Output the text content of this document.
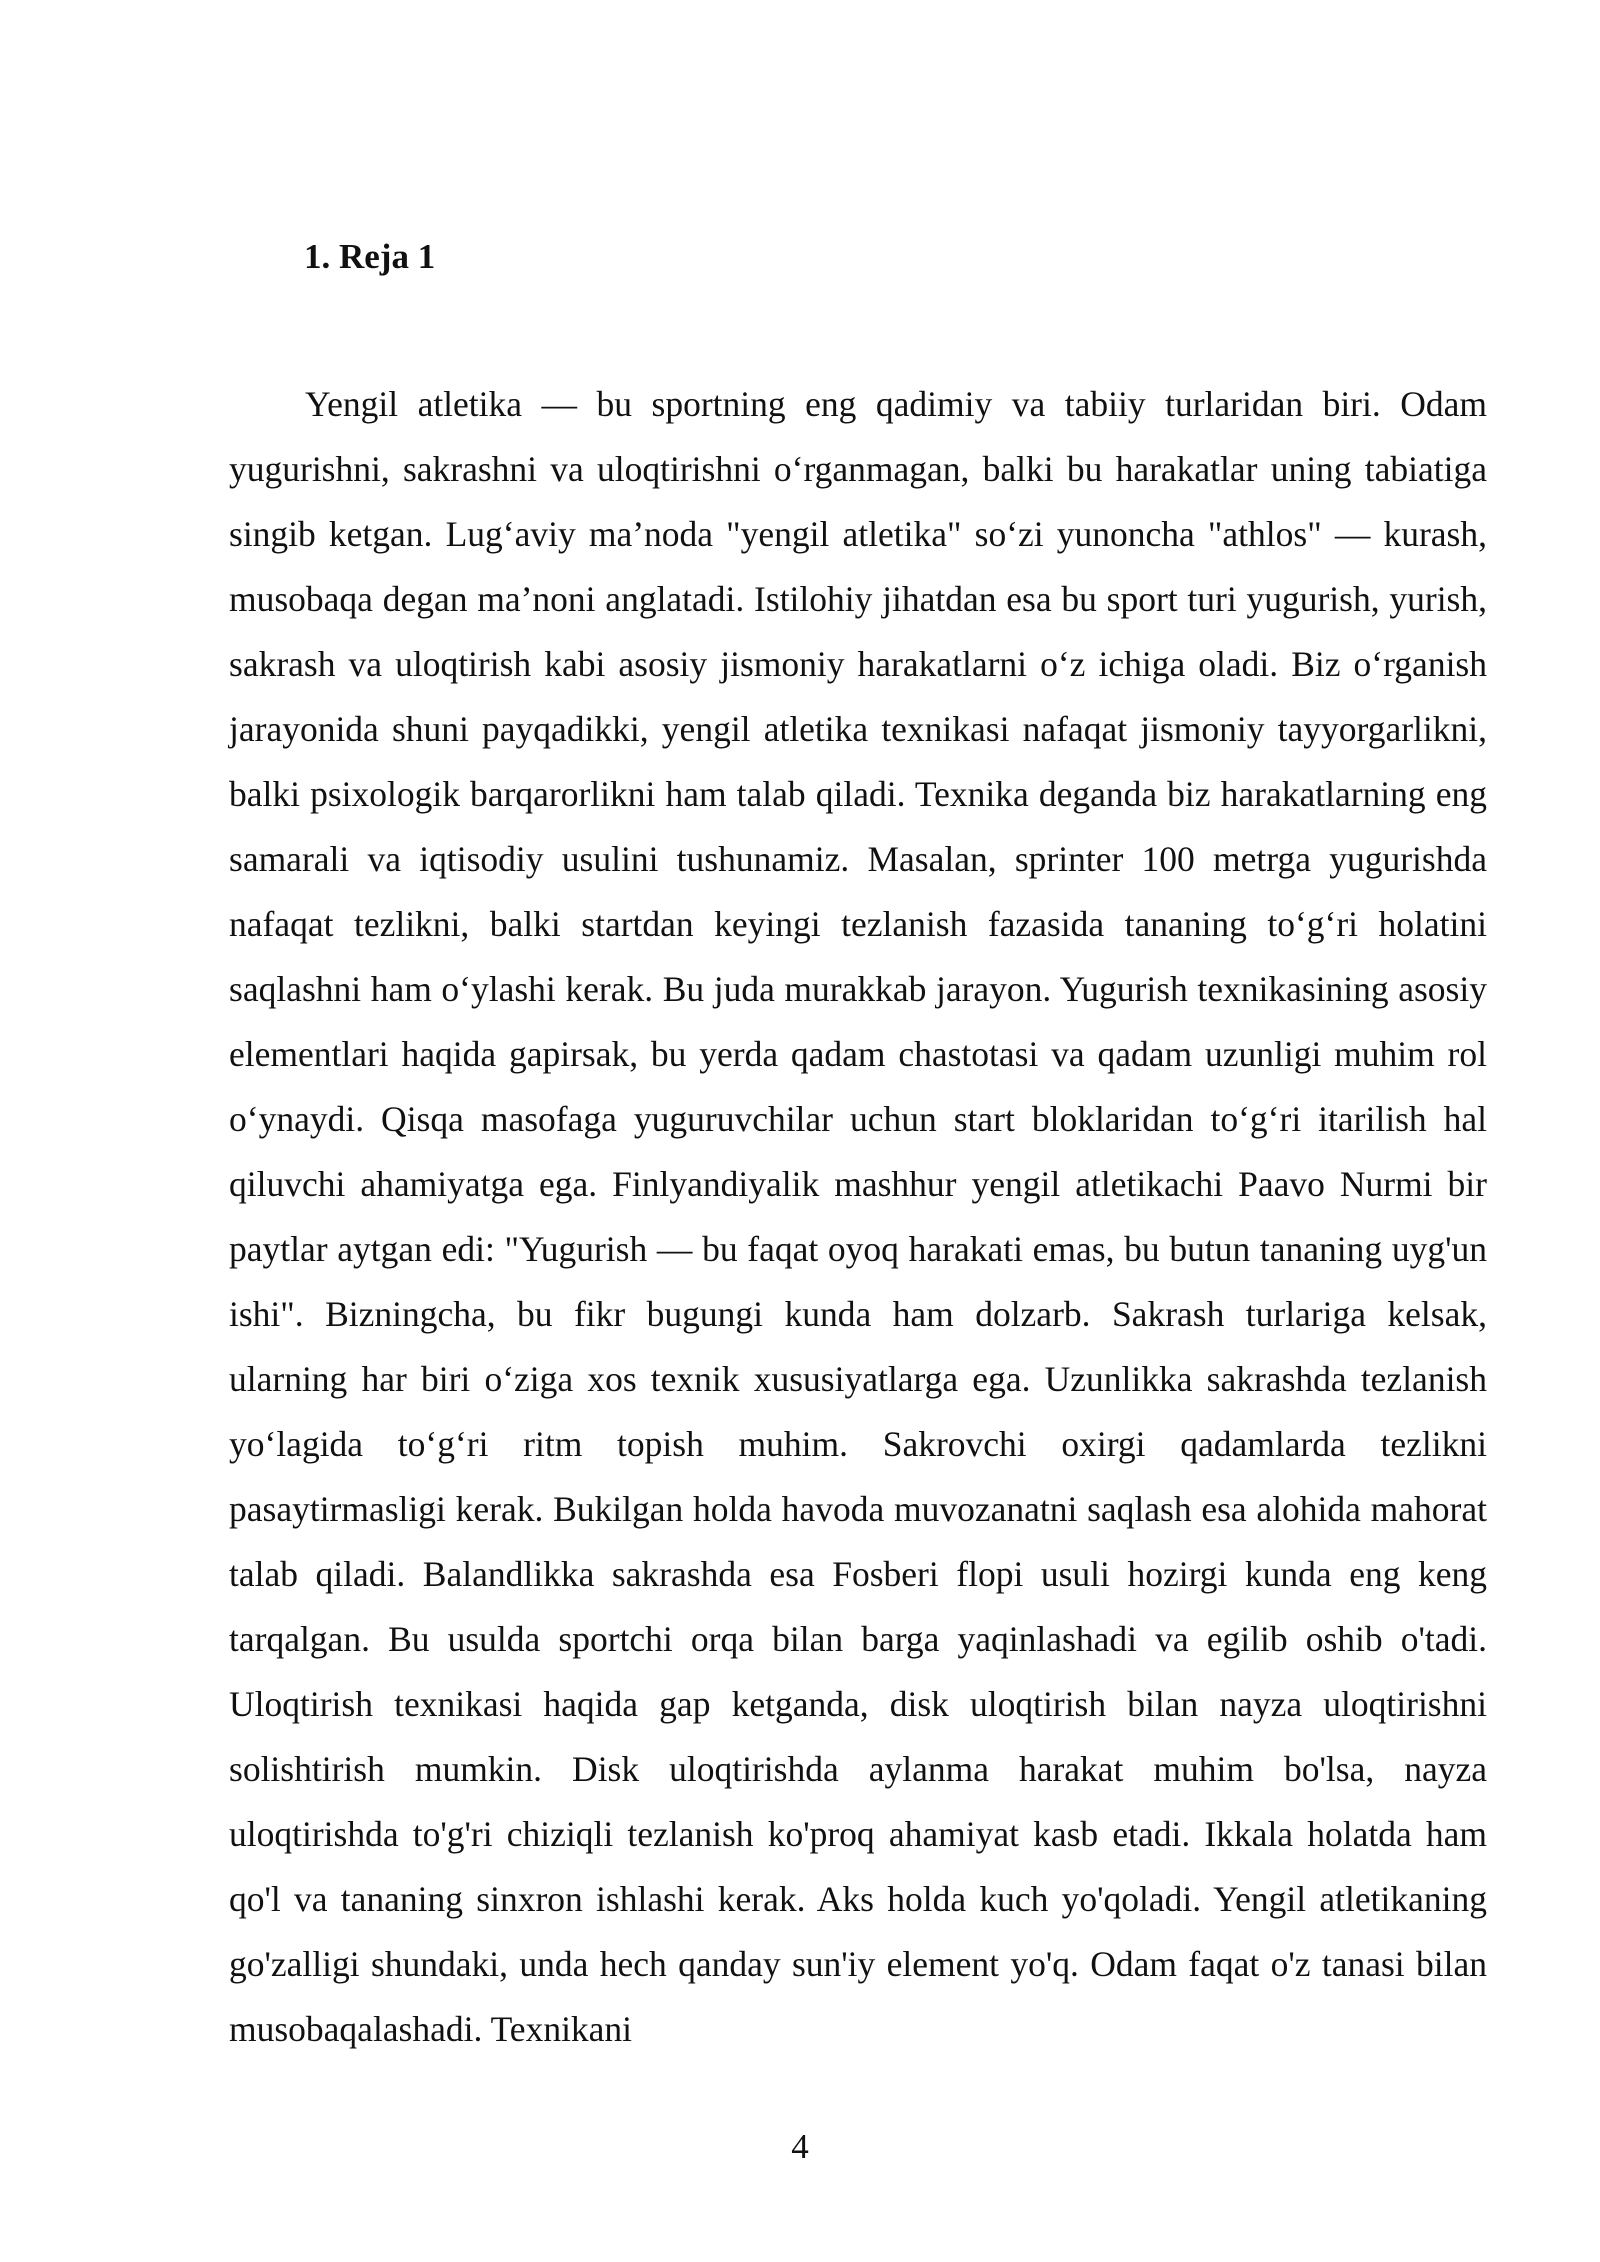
1. Reja 1

Yengil atletika — bu sportning eng qadimiy va tabiiy turlaridan biri. Odam yugurishni, sakrashni va uloqtirishni o‘rganmagan, balki bu harakatlar uning tabiatiga singib ketgan. Lug‘aviy ma’noda "yengil atletika" so‘zi yunoncha "athlos" — kurash, musobaqa degan ma’noni anglatadi. Istilohiy jihatdan esa bu sport turi yugurish, yurish, sakrash va uloqtirish kabi asosiy jismoniy harakatlarni o‘z ichiga oladi. Biz o‘rganish jarayonida shuni payqadikki, yengil atletika texnikasi nafaqat jismoniy tayyorgarlikni, balki psixologik barqarorlikni ham talab qiladi. Texnika deganda biz harakatlarning eng samarali va iqtisodiy usulini tushunamiz. Masalan, sprinter 100 metrga yugurishda nafaqat tezlikni, balki startdan keyingi tezlanish fazasida tananing to‘g‘ri holatini saqlashni ham o‘ylashi kerak. Bu juda murakkab jarayon. Yugurish texnikasining asosiy elementlari haqida gapirsak, bu yerda qadam chastotasi va qadam uzunligi muhim rol o‘ynaydi. Qisqa masofaga yuguruvchilar uchun start bloklaridan to‘g‘ri itarilish hal qiluvchi ahamiyatga ega. Finlyandiyalik mashhur yengil atletikachi Paavo Nurmi bir paytlar aytgan edi: "Yugurish — bu faqat oyoq harakati emas, bu butun tananing uyg'un ishi". Bizningcha, bu fikr bugungi kunda ham dolzarb. Sakrash turlariga kelsak, ularning har biri o‘ziga xos texnik xususiyatlarga ega. Uzunlikka sakrashda tezlanish yo‘lagida to‘g‘ri ritm topish muhim. Sakrovchi oxirgi qadamlarda tezlikni pasaytirmasligi kerak. Bukilgan holda havoda muvozanatni saqlash esa alohida mahorat talab qiladi. Balandlikka sakrashda esa Fosberi flopi usuli hozirgi kunda eng keng tarqalgan. Bu usulda sportchi orqa bilan barga yaqinlashadi va egilib oshib o'tadi. Uloqtirish texnikasi haqida gap ketganda, disk uloqtirish bilan nayza uloqtirishni solishtirish mumkin. Disk uloqtirishda aylanma harakat muhim bo'lsa, nayza uloqtirishda to'g'ri chiziqli tezlanish ko'proq ahamiyat kasb etadi. Ikkala holatda ham qo'l va tananing sinxron ishlashi kerak. Aks holda kuch yo'qoladi. Yengil atletikaning go'zalligi shundaki, unda hech qanday sun'iy element yo'q. Odam faqat o'z tanasi bilan musobaqalashadi. Texnikani

4
